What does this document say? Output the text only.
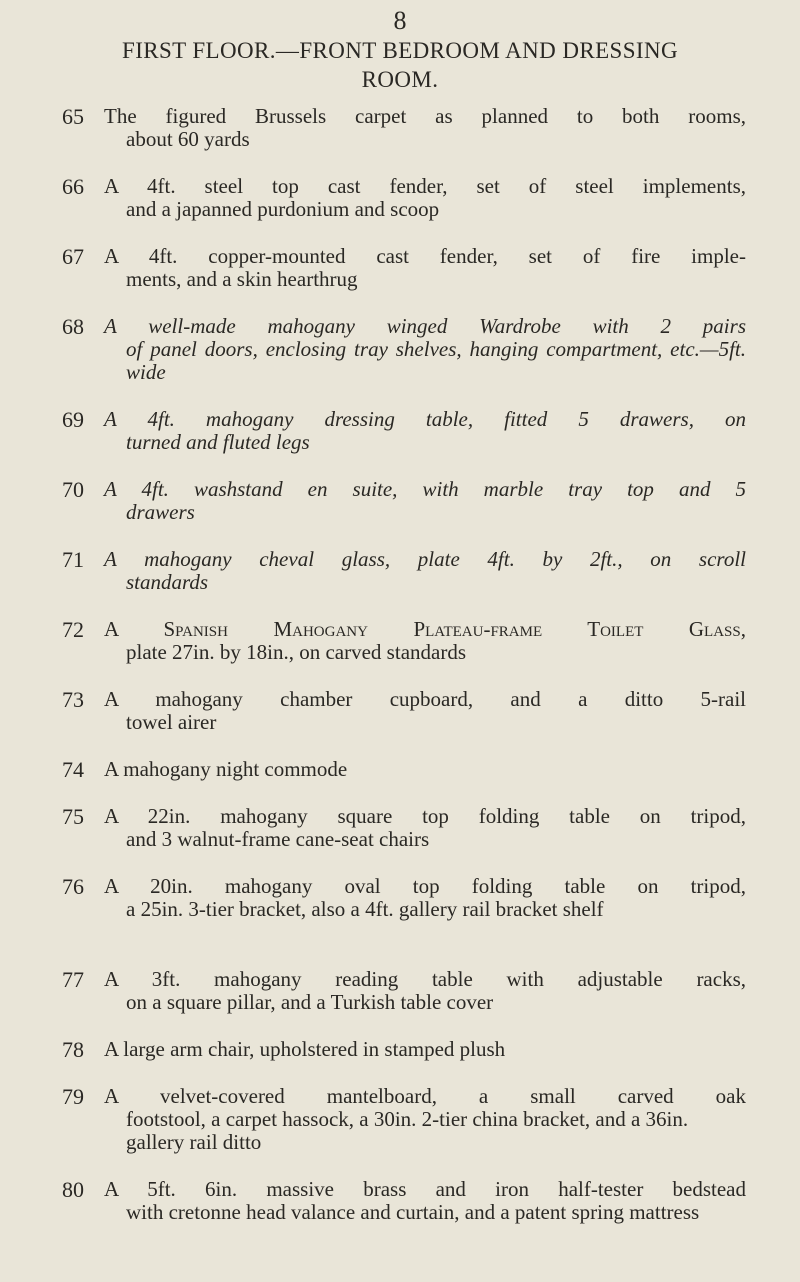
8
FIRST FLOOR.—FRONT BEDROOM AND DRESSING
ROOM.
65 The figured Brussels carpet as planned to both rooms,
about 60 yards
66 A 4ft. steel top cast fender, set of steel implements,
and a japanned purdonium and scoop
67 A 4ft. copper-mounted cast fender, set of fire imple-
ments, and a skin hearthrug
68 A well-made mahogany winged Wardrobe with 2 pairs
of panel doors, enclosing tray shelves, hanging compartment, etc.—5ft. wide
69 A 4ft. mahogany dressing table, fitted 5 drawers, on
turned and fluted legs
70 A 4ft. washstand en suite, with marble tray top and 5
drawers
71 A mahogany cheval glass, plate 4ft. by 2ft., on scroll
standards
72 A Spanish Mahogany Plateau-frame Toilet Glass,
plate 27in. by 18in., on carved standards
73 A mahogany chamber cupboard, and a ditto 5-rail
towel airer
74 A mahogany night commode
75 A 22in. mahogany square top folding table on tripod,
and 3 walnut-frame cane-seat chairs
76 A 20in. mahogany oval top folding table on tripod,
a 25in. 3-tier bracket, also a 4ft. gallery rail bracket shelf
77 A 3ft. mahogany reading table with adjustable racks,
on a square pillar, and a Turkish table cover
78 A large arm chair, upholstered in stamped plush
79 A velvet-covered mantelboard, a small carved oak
footstool, a carpet hassock, a 30in. 2-tier china bracket, and a 36in. gallery rail ditto
80 A 5ft. 6in. massive brass and iron half-tester bedstead
with cretonne head valance and curtain, and a patent spring mattress
